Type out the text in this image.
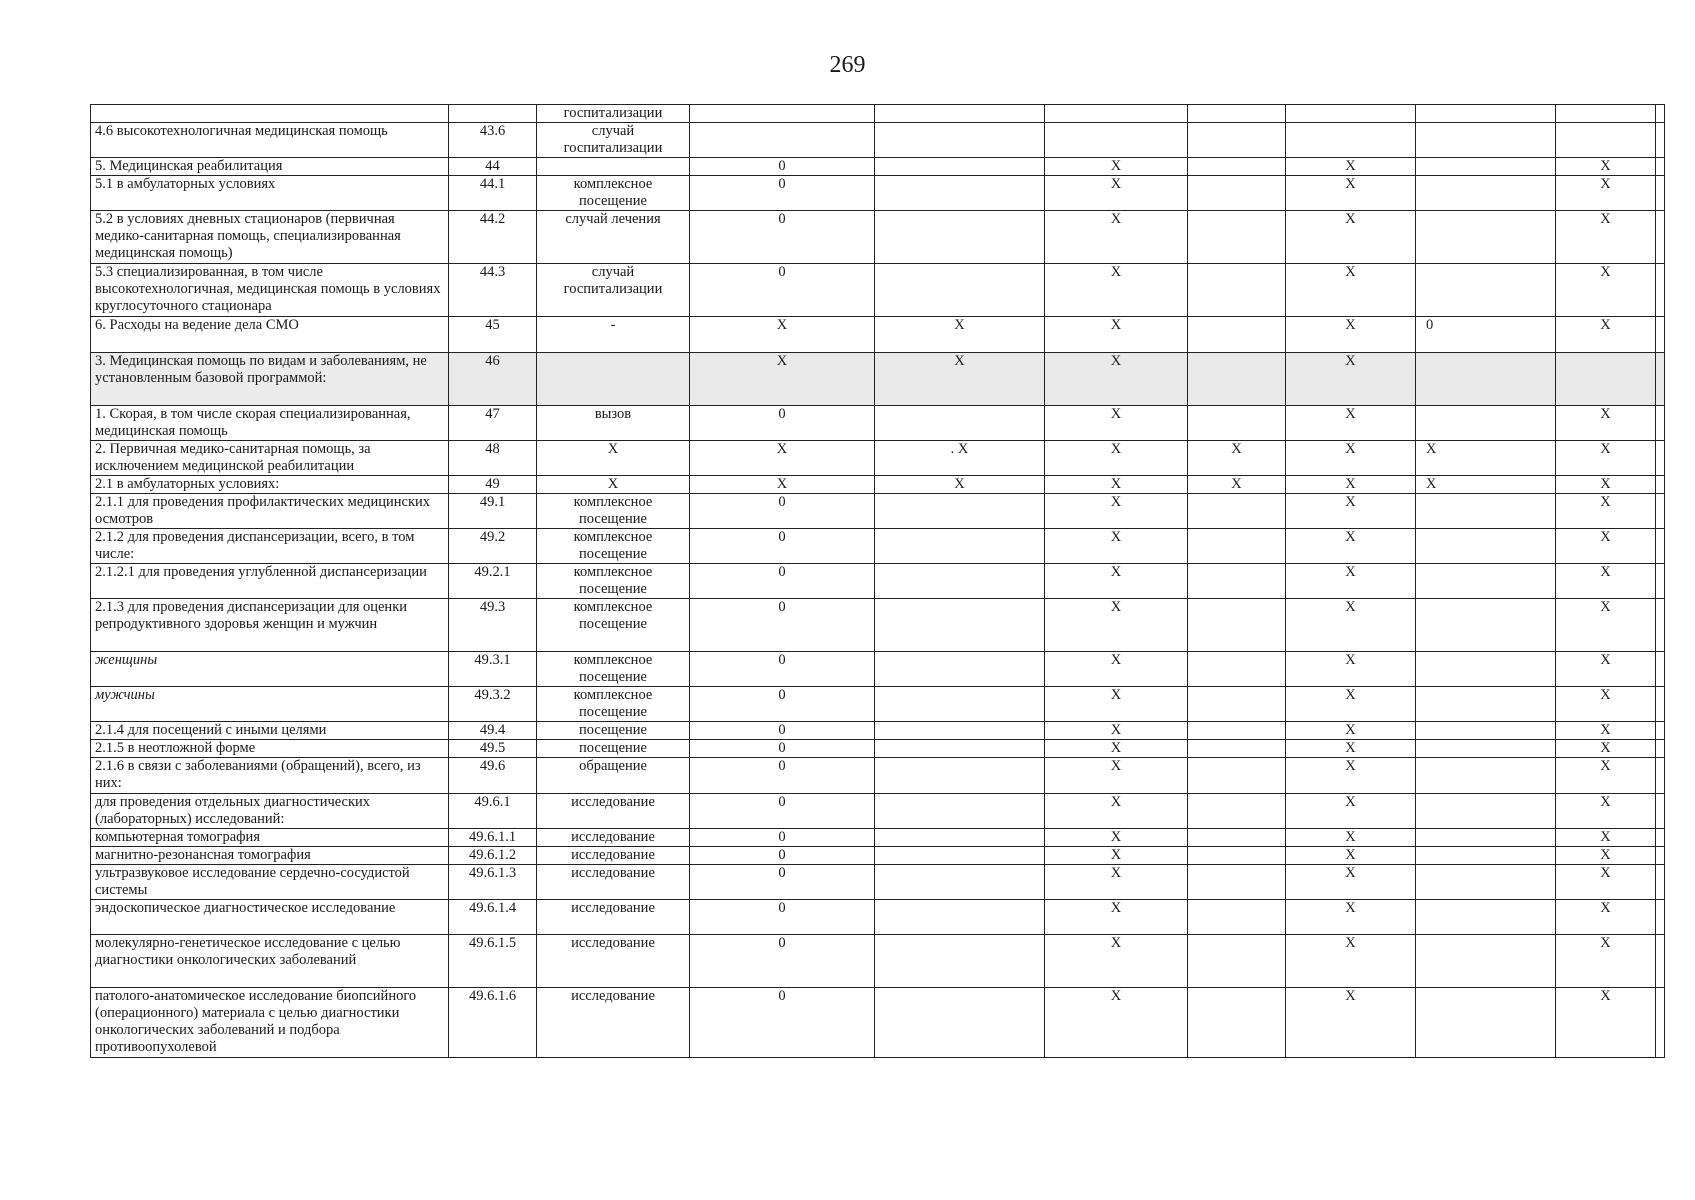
269
		госпитализации								
4.6 высокотехнологичная медицинская помощь	43.6	случай госпитализации								
5. Медицинская реабилитация	44		0		X		X		X	
5.1 в амбулаторных условиях	44.1	комплексное посещение	0		X		X		X	
5.2 в условиях дневных стационаров (первичная медико-санитарная помощь, специализированная медицинская помощь)	44.2	случай лечения	0		X		X		X	
5.3 специализированная, в том числе высокотехнологичная, медицинская помощь в условиях круглосуточного стационара	44.3	случай госпитализации	0		X		X		X	
6. Расходы на ведение дела СМО	45	-	X	X	X		X	0	X	
3. Медицинская помощь по видам и заболеваниям, не установленным базовой программой:	46		X	X	X		X			
1. Скорая, в том числе скорая специализированная, медицинская помощь	47	вызов	0		X		X		X	
2. Первичная медико-санитарная помощь, за исключением медицинской реабилитации	48	X	X	. X	X	X	X	X	X	
2.1 в амбулаторных условиях:	49	X	X	X	X	X	X	X	X	
2.1.1 для проведения профилактических медицинских осмотров	49.1	комплексное посещение	0		X		X		X	
2.1.2 для проведения диспансеризации, всего, в том числе:	49.2	комплексное посещение	0		X		X		X	
2.1.2.1 для проведения углубленной диспансеризации	49.2.1	комплексное посещение	0		X		X		X	
2.1.3 для проведения диспансеризации для оценки репродуктивного здоровья женщин и мужчин	49.3	комплексное посещение	0		X		X		X	
женщины	49.3.1	комплексное посещение	0		X		X		X	
мужчины	49.3.2	комплексное посещение	0		X		X		X	
2.1.4 для посещений с иными целями	49.4	посещение	0		X		X		X	
2.1.5 в неотложной форме	49.5	посещение	0		X		X		X	
2.1.6 в связи с заболеваниями (обращений), всего, из них:	49.6	обращение	0		X		X		X	
для проведения отдельных диагностических (лабораторных) исследований:	49.6.1	исследование	0		X		X		X	
компьютерная томография	49.6.1.1	исследование	0		X		X		X	
магнитно-резонансная томография	49.6.1.2	исследование	0		X		X		X	
ультразвуковое исследование сердечно-сосудистой системы	49.6.1.3	исследование	0		X		X		X	
эндоскопическое диагностическое исследование	49.6.1.4	исследование	0		X		X		X	
молекулярно-генетическое исследование с целью диагностики онкологических заболеваний	49.6.1.5	исследование	0		X		X		X	
патолого-анатомическое исследование биопсийного (операционного) материала с целью диагностики онкологических заболеваний и подбора противоопухолевой	49.6.1.6	исследование	0		X		X		X	
